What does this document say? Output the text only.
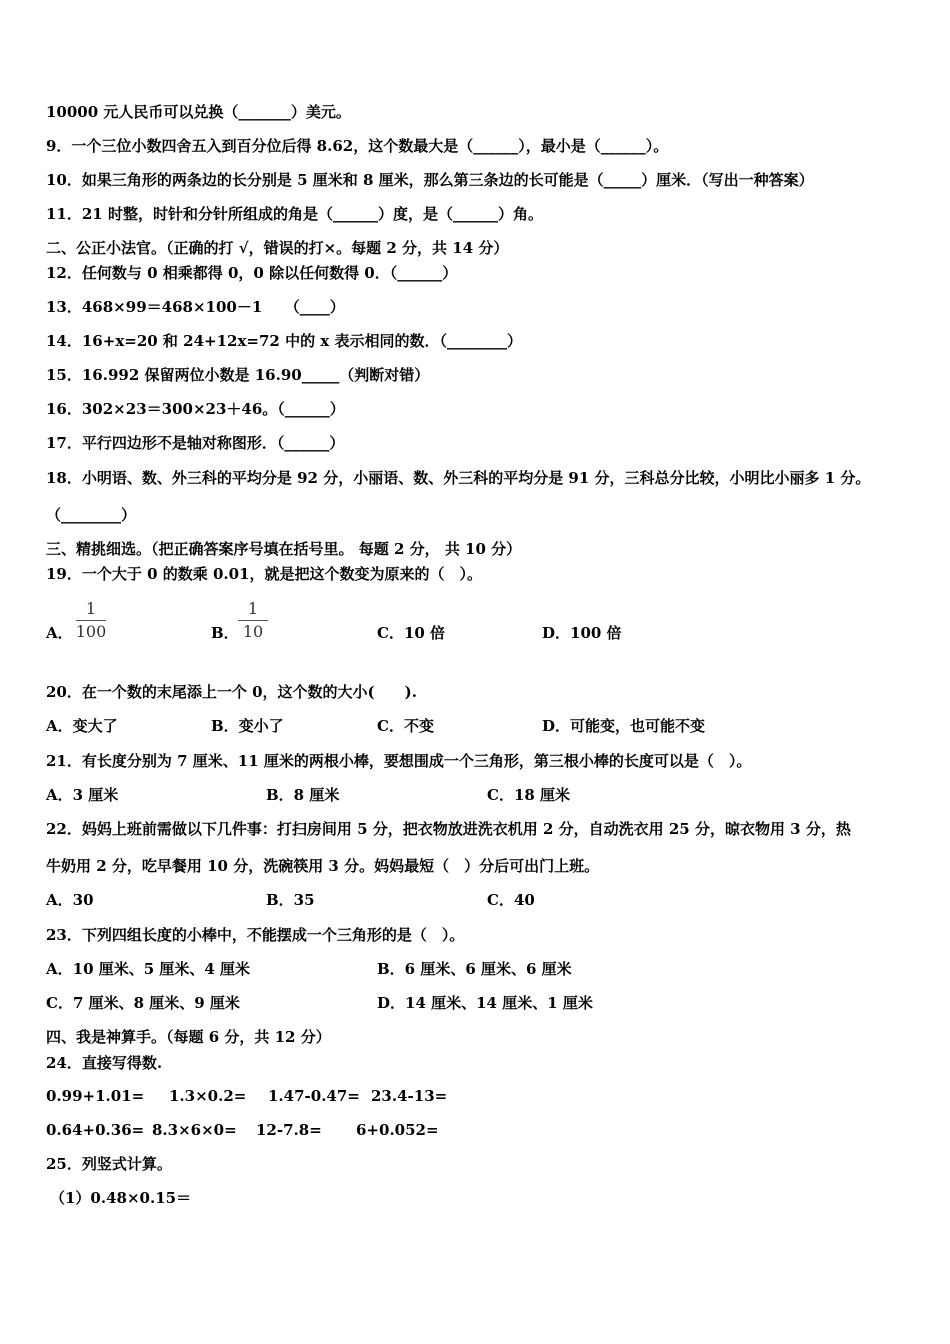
10000 元人民币可以兑换（_______）美元。
9．一个三位小数四舍五入到百分位后得 8.62，这个数最大是（______），最小是（______）。
10．如果三角形的两条边的长分别是 5 厘米和 8 厘米，那么第三条边的长可能是（_____）厘米．（写出一种答案）
11．21 时整，时针和分针所组成的角是（______）度，是（______）角。
二、公正小法官。（正确的打 √，错误的打×。每题 2 分，共 14 分）
12．任何数与 0 相乘都得 0，0 除以任何数得 0．（______）
13．468×99＝468×100－1　　（____）
14．16+x=20 和 24+12x=72 中的 x 表示相同的数．（________）
15．16.992 保留两位小数是 16.90_____（判断对错）
16．302×23＝300×23＋46。（______）
17．平行四边形不是轴对称图形．（______）
18．小明语、数、外三科的平均分是 92 分，小丽语、数、外三科的平均分是 91 分，三科总分比较，小明比小丽多 1 分。
（________）
三、精挑细选。（把正确答案序号填在括号里。 每题 2 分， 共 10 分）
19．一个大于 0 的数乘 0.01，就是把这个数变为原来的（　）。
A．
1
100	B．
1
10	C．10 倍	D．100 倍
20．在一个数的末尾添上一个 0，这个数的大小(　　).
A．变大了	B．变小了	C．不变	D．可能变，也可能不变
21．有长度分别为 7 厘米、11 厘米的两根小棒，要想围成一个三角形，第三根小棒的长度可以是（　）。
A．3 厘米	B．8 厘米	C．18 厘米
22．妈妈上班前需做以下几件事：打扫房间用 5 分，把衣物放进洗衣机用 2 分，自动洗衣用 25 分，晾衣物用 3 分，热
牛奶用 2 分，吃早餐用 10 分，洗碗筷用 3 分。妈妈最短（　）分后可出门上班。
A．30	B．35	C．40
23．下列四组长度的小棒中，不能摆成一个三角形的是（　）。
A．10 厘米、5 厘米、4 厘米	B．6 厘米、6 厘米、6 厘米
C．7 厘米、8 厘米、9 厘米	D．14 厘米、14 厘米、1 厘米
四、我是神算手。（每题 6 分，共 12 分）
24．直接写得数.
0.99+1.01= 1.3×0.2= 1.47-0.47= 23.4-13=
0.64+0.36= 8.3×6×0= 12-7.8= 6+0.052=
25．列竖式计算。
（1）0.48×0.15＝
